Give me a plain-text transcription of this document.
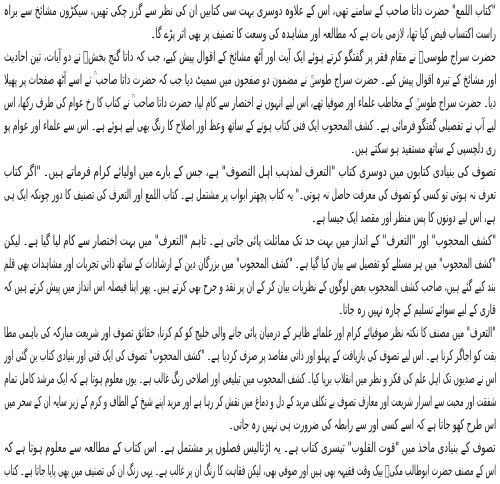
"کتاب اللمع" حضرت داتا صاحب کے سامنے تھی، اس کے علاوہ دوسری بہت سی کتابیں ان کی نظر سے گزر چکی تھیں، سیکڑوں مشائخ سے براہ
راست اکتساب فیض کیا تھا، لازمی بات ہے کہ مطالعہ اور مشاہدہ کی وسعت کا تصنیف پر بھی اثر پڑے گا۔
حضرت سراج طوسیؒ نے مقام فقر پر گفتگو کرتے ہوئے ایک آیت اور آٹھ مشائخ کے اقوال پیش کیے، جب کہ داتا گنج بخشؒ نے دو آیات، تین احادیث
اور مشائخ کے تیرہ اقوال پیش کیے۔ حضرت سراج طوسیؒ نے مضمون دو صفحوں میں سمیٹ دیا جب کہ حضرت داتا صاحب ؒ نے اسے آٹھ صفحات پر پھیلا
دیا۔ حضرت سراج طوسیؒ کے مخاطب علماء اور صوفیا تھے، اس لیے انہوں نے اختصار سے کام لیا، حضرت داتا صاحب ؒ نے کتاب کا رخ عوام کی طرف رکھا، اس
لیے آپ نے تفصیلی گفتگو فرمائی ہے۔ کشف المحجوب ایک فنی کتاب ہونے کے ساتھ وعظ اور اصلاح کا رنگ بھی لیے ہوئے ہے۔ اس سے علماء اور عوام پو
ری دلچسپی کے ساتھ مستفید ہو سکتے ہیں۔
تصوف کی بنیادی کتابوں میں دوسری کتاب "التعرف لمذہب اہل التصوف" ہے، جس کے بارے میں اولیائے کرام فرماتے ہیں۔ "اگر کتاب
تعرف نہ ہوتی تو کسی کو تصوف کی معرفت حاصل نہ ہوتی۔" یہ کتاب پچھتر ابواب پر مشتمل ہے۔ کتاب اللمع اور التعرف کی تصنیف کا دور چونکہ ایک ہی
ہے، اس لیے دونوں کا پس منظر اور مقصد ایک جیسا ہے۔
"کشف المحجوب" اور "التعرف" کے انداز میں بہت حد تک مماثلت پائی جاتی ہے۔ تاہم "التعرف" میں بہت اختصار سے کام لیا گیا ہے۔ لیکن
"کشف المحجوب" میں ہر مسئلے کو تفصیل سے بیان کیا گیا ہے۔ "کشف المحجوب" میں بزرگان دین کے ارشادات کے ساتھ ذاتی تجربات اور مشاہدات بھی قلم
بند کیے گئے ہیں، صاحب کشف المحجوب بعض لوگوں کے نظریات بیان کر کے ان پر نقد و جرح بھی کرتے ہیں۔ پھر اپنا فیصلہ اس انداز میں پیش کرتے ہیں کہ
قاری کے لیے سوائے تسلیم کے چارہ نہیں رہ جاتا۔
"التعرف" میں مصنف کا نکتہ نظر صوفیائے کرام اور علمائے ظاہر کے درمیان پائی جانے والی خلیج کو کم کرنا، حقائق تصوف اور شریعت مبارکہ کی باہمی مطا
بقت کو اجاگر کرنا ہے۔ اس لیے تصوف کی بازیافت کے پہلو اور ذاتی مقاصد پر صرف کردیا ہے۔ "کشف المحجوب" تصوف کی ایک فنی اور بنیادی کتاب بن گئی اور
اس نے صدیوں تک اہل علم کی فکر و نظر میں انقلاب برپا کیا۔ کشف المحجوب میں تبلیغی اور اصلاحی رنگ غالب ہے۔ یوں معلوم ہوتا ہے کہ ایک مرشد کامل تمام
شفقت اور محبت سے اسرار شریعت اور معارف تصوف بے تکلف مرید کے دل و دماغ میں نقش کر رہا ہے اور مرید اپنے شیخ کے الطاف و کرم کے زیر سایہ ان کے سحر میں
اس طرح کھو جاتا ہے کہ اسے کسی اور سے رابطہ کی ضرورت ہی نہیں رہ جاتی۔
تصوف کے بنیادی ماخذ میں "قوت القلوب" تیسری کتاب ہے۔ یہ اڑتالیس فصلوں پر مشتمل ہے۔ اس کتاب کے مطالعہ سے معلوم ہوتا ہے کہ
اس کے مصنف حضرت ابوطالب مکیؒ بیک وقت فقیہہ بھی ہیں اور صوفی بھی، لیکن فقاہت کا رنگ ان پر غالب ہے۔ یہی رنگ ان کی تصنیف میں بھی پایا جاتا ہے۔ کتاب
